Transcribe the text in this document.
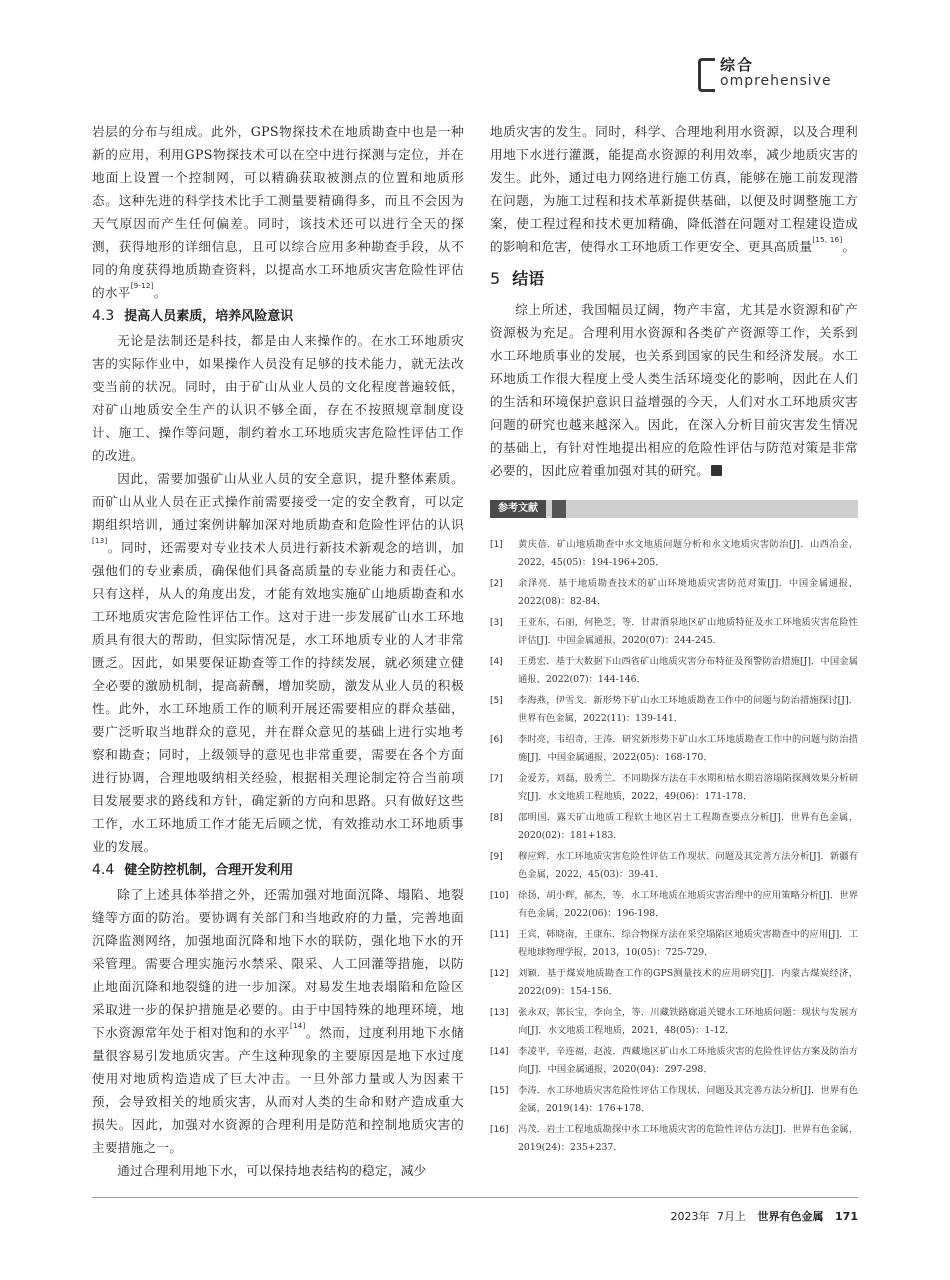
综合
omprehensive

岩层的分布与组成。此外，GPS物探技术在地质勘查中也是一种新的应用，利用GPS物探技术可以在空中进行探测与定位，并在地面上设置一个控制网，可以精确获取被测点的位置和地质形态。这种先进的科学技术比手工测量要精确得多，而且不会因为天气原因而产生任何偏差。同时，该技术还可以进行全天的探测，获得地形的详细信息，且可以综合应用多种勘查手段，从不同的角度获得地质勘查资料，以提高水工环地质灾害危险性评估的水平[9-12]。

4.3 提高人员素质，培养风险意识

无论是法制还是科技，都是由人来操作的。在水工环地质灾害的实际作业中，如果操作人员没有足够的技术能力，就无法改变当前的状况。同时，由于矿山从业人员的文化程度普遍较低，对矿山地质安全生产的认识不够全面，存在不按照规章制度设计、施工、操作等问题，制约着水工环地质灾害危险性评估工作的改进。

因此，需要加强矿山从业人员的安全意识，提升整体素质。而矿山从业人员在正式操作前需要接受一定的安全教育，可以定期组织培训，通过案例讲解加深对地质勘查和危险性评估的认识[13]。同时，还需要对专业技术人员进行新技术新观念的培训，加强他们的专业素质，确保他们具备高质量的专业能力和责任心。只有这样，从人的角度出发，才能有效地实施矿山地质勘查和水工环地质灾害危险性评估工作。这对于进一步发展矿山水工环地质具有很大的帮助，但实际情况是，水工环地质专业的人才非常匮乏。因此，如果要保证勘查等工作的持续发展，就必须建立健全必要的激励机制，提高薪酬，增加奖励，激发从业人员的积极性。此外，水工环地质工作的顺利开展还需要相应的群众基础，要广泛听取当地群众的意见，并在群众意见的基础上进行实地考察和勘查；同时，上级领导的意见也非常重要，需要在各个方面进行协调，合理地吸纳相关经验，根据相关理论制定符合当前项目发展要求的路线和方针，确定新的方向和思路。只有做好这些工作，水工环地质工作才能无后顾之忧，有效推动水工环地质事业的发展。

4.4 健全防控机制，合理开发利用

除了上述具体举措之外，还需加强对地面沉降、塌陷、地裂缝等方面的防治。要协调有关部门和当地政府的力量，完善地面沉降监测网络，加强地面沉降和地下水的联防，强化地下水的开采管理。需要合理实施污水禁采、限采、人工回灌等措施，以防止地面沉降和地裂缝的进一步加深。对易发生地表塌陷和危险区采取进一步的保护措施是必要的。由于中国特殊的地理环境，地下水资源常年处于相对饱和的水平[14]。然而，过度利用地下水储量很容易引发地质灾害。产生这种现象的主要原因是地下水过度使用对地质构造造成了巨大冲击。一旦外部力量或人为因素干预，会导致相关的地质灾害，从而对人类的生命和财产造成重大损失。因此，加强对水资源的合理利用是防范和控制地质灾害的主要措施之一。

通过合理利用地下水，可以保持地表结构的稳定，减少

地质灾害的发生。同时，科学、合理地利用水资源，以及合理利用地下水进行灌溉，能提高水资源的利用效率，减少地质灾害的发生。此外，通过电力网络进行施工仿真，能够在施工前发现潜在问题，为施工过程和技术革新提供基础，以便及时调整施工方案，使工程过程和技术更加精确，降低潜在问题对工程建设造成的影响和危害，使得水工环地质工作更安全、更具高质量[15, 16]。

5 结语

综上所述，我国幅员辽阔，物产丰富，尤其是水资源和矿产资源极为充足。合理利用水资源和各类矿产资源等工作，关系到水工环地质事业的发展，也关系到国家的民生和经济发展。水工环地质工作很大程度上受人类生活环境变化的影响，因此在人们的生活和环境保护意识日益增强的今天，人们对水工环地质灾害问题的研究也越来越深入。因此，在深入分析目前灾害发生情况的基础上，有针对性地提出相应的危险性评估与防范对策是非常必要的，因此应着重加强对其的研究。

参考文献
[1] 黄庆蓓．矿山地质勘查中水文地质问题分析和水文地质灾害防治[J]．山西冶金，2022，45(05)：194-196+205．
[2] 余泽亮．基于地质勘查技术的矿山环境地质灾害防范对策[J]．中国金属通报，2022(08)：82-84．
[3] 王亚东，石丽，何艳芝，等．甘肃酒泉地区矿山地质特征及水工环地质灾害危险性评估[J]．中国金属通报，2020(07)：244-245．
[4] 王勇宏．基于大数据下山西省矿山地质灾害分布特征及预警防治措施[J]．中国金属通报，2022(07)：144-146．
[5] 李海燕，伊雪戈．新形势下矿山水工环地质勘查工作中的问题与防治措施探讨[J]．世界有色金属，2022(11)：139-141．
[6] 李时亮，韦绍奇，王涛．研究新形势下矿山水工环地质勘查工作中的问题与防治措施[J]．中国金属通报，2022(05)：168-170．
[7] 金爱芳，刘磊，殷秀兰．不同勘探方法在丰水期和枯水期岩溶塌陷探测效果分析研究[J]．水文地质工程地质，2022，49(06)：171-178．
[8] 邵明国．露天矿山地质工程软土地区岩土工程勘查要点分析[J]．世界有色金属，2020(02)：181+183．
[9] 穆应辉．水工环地质灾害危险性评估工作现状、问题及其完善方法分析[J]．新疆有色金属，2022，45(03)：39-41．
[10] 徐扬，胡小辉，郝杰，等．水工环地质在地质灾害治理中的应用策略分析[J]．世界有色金属，2022(06)：196-198．
[11] 王宾，韩晓南，王康东．综合物探方法在采空塌陷区地质灾害勘查中的应用[J]．工程地球物理学报，2013，10(05)：725-729．
[12] 刘颖．基于煤炭地质勘查工作的GPS测量技术的应用研究[J]．内蒙古煤炭经济，2022(09)：154-156．
[13] 张永双，郭长宝，李向全，等．川藏铁路廊道关键水工环地质问题：现状与发展方向[J]．水文地质工程地质，2021，48(05)：1-12．
[14] 李凌平，辛连福，赵波．西藏地区矿山水工环地质灾害的危险性评估方案及防治方向[J]．中国金属通报，2020(04)：297-298．
[15] 李涛．水工环地质灾害危险性评估工作现状、问题及其完善方法分析[J]．世界有色金属，2019(14)：176+178．
[16] 冯茂．岩土工程地质勘探中水工环地质灾害的危险性评估方法[J]．世界有色金属，2019(24)：235+237．
2023年 7月上 世界有色金属 171
